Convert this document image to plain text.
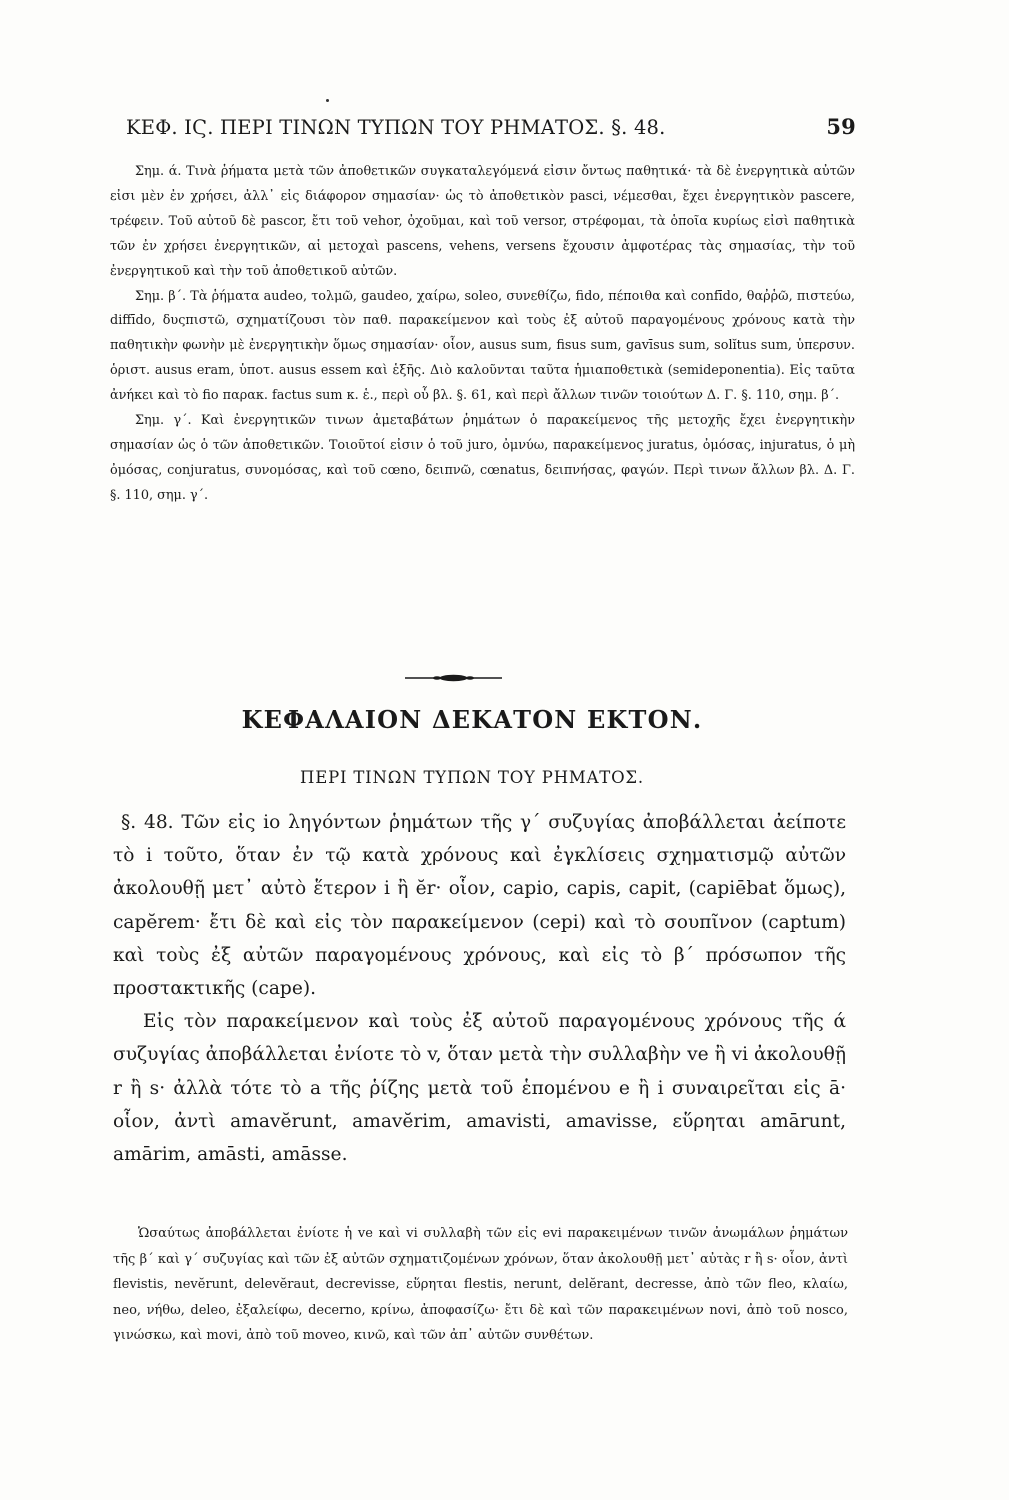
ΚΕΦ. ΙϚ. ΠΕΡΙ ΤΙΝΩΝ ΤΥΠΩΝ ΤΟΥ ΡΗΜΑΤΟΣ. §. 48.	59

Σημ. ά. Τινὰ ῥήματα μετὰ τῶν ἀποθετικῶν συγκαταλεγόμενά εἰσιν ὄντως παθητικά· τὰ δὲ ἐνεργητικὰ αὐτῶν εἰσι μὲν ἐν χρήσει, ἀλλ᾽ εἰς διάφορον σημασίαν· ὡς τὸ ἀποθετικὸν pasci, νέμεσθαι, ἔχει ἐνεργητικὸν pascere, τρέφειν. Τοῦ αὐτοῦ δὲ pascor, ἔτι τοῦ vehor, ὀχοῦμαι, καὶ τοῦ versor, στρέφομαι, τὰ ὁποῖα κυρίως εἰσὶ παθητικὰ τῶν ἐν χρήσει ἐνεργητικῶν, αἱ μετοχαὶ pascens, vehens, versens ἔχουσιν ἀμφοτέρας τὰς σημασίας, τὴν τοῦ ἐνεργητικοῦ καὶ τὴν τοῦ ἀποθετικοῦ αὐτῶν.

Σημ. β΄. Τὰ ῥήματα audeo, τολμῶ, gaudeo, χαίρω, soleo, συνεθίζω, fido, πέποιθα καὶ confīdo, θαῤῥῶ, πιστεύω, diffīdo, δυςπιστῶ, σχηματίζουσι τὸν παθ. παρακείμενον καὶ τοὺς ἐξ αὐτοῦ παραγομένους χρόνους κατὰ τὴν παθητικὴν φωνὴν μὲ ἐνεργητικὴν ὅμως σημασίαν· οἷον, ausus sum, fisus sum, gavīsus sum, solĭtus sum, ὑπερσυν. ὁριστ. ausus eram, ὑποτ. ausus essem καὶ ἑξῆς. Διὸ καλοῦνται ταῦτα ἡμιαποθετικὰ (semideponentia). Εἰς ταῦτα ἀνήκει καὶ τὸ fio παρακ. factus sum κ. ἑ., περὶ οὗ βλ. §. 61, καὶ περὶ ἄλλων τινῶν τοιούτων Δ. Γ. §. 110, σημ. β΄.

Σημ. γ΄. Καὶ ἐνεργητικῶν τινων ἀμεταβάτων ῥημάτων ὁ παρακείμενος τῆς μετοχῆς ἔχει ἐνεργητικὴν σημασίαν ὡς ὁ τῶν ἀποθετικῶν. Τοιοῦτοί εἰσιν ὁ τοῦ juro, ὀμνύω, παρακείμενος juratus, ὀμόσας, injuratus, ὁ μὴ ὀμόσας, conjuratus, συνομόσας, καὶ τοῦ cœno, δειπνῶ, cœnatus, δειπνήσας, φαγών. Περὶ τινων ἄλλων βλ. Δ. Γ. §. 110, σημ. γ΄.

ΚΕΦΑΛΑΙΟΝ ΔΕΚΑΤΟΝ ΕΚΤΟΝ.
ΠΕΡΙ ΤΙΝΩΝ ΤΥΠΩΝ ΤΟΥ ΡΗΜΑΤΟΣ.

§. 48. Τῶν εἰς io ληγόντων ῥημάτων τῆς γ΄ συζυγίας ἀποβάλλεται ἀείποτε τὸ i τοῦτο, ὅταν ἐν τῷ κατὰ χρόνους καὶ ἐγκλίσεις σχηματισμῷ αὐτῶν ἀκολουθῇ μετ᾽ αὐτὸ ἕτερον i ἢ ĕr· οἷον, capio, capis, capit, (capiēbat ὅμως), capĕrem· ἔτι δὲ καὶ εἰς τὸν παρακείμενον (cepi) καὶ τὸ σουπῖνον (captum) καὶ τοὺς ἐξ αὐτῶν παραγομένους χρόνους, καὶ εἰς τὸ β΄ πρόσωπον τῆς προστακτικῆς (cape).

Εἰς τὸν παρακείμενον καὶ τοὺς ἐξ αὐτοῦ παραγομένους χρόνους τῆς ά συζυγίας ἀποβάλλεται ἐνίοτε τὸ v, ὅταν μετὰ τὴν συλλαβὴν ve ἢ vi ἀκολουθῇ r ἢ s· ἀλλὰ τότε τὸ a τῆς ῥίζης μετὰ τοῦ ἑπομένου e ἢ i συναιρεῖται εἰς ā· οἷον, ἀντὶ amavĕrunt, amavĕrim, amavisti, amavisse, εὕρηται amārunt, amārim, amāsti, amāsse.

Ὡσαύτως ἀποβάλλεται ἐνίοτε ἡ ve καὶ vi συλλαβὴ τῶν εἰς evi παρακειμένων τινῶν ἀνωμάλων ῥημάτων τῆς β΄ καὶ γ΄ συζυγίας καὶ τῶν ἐξ αὐτῶν σχηματιζομένων χρόνων, ὅταν ἀκολουθῇ μετ᾽ αὐτὰς r ἢ s· οἷον, ἀντὶ flevistis, nevĕrunt, delevĕraut, decrevisse, εὕρηται flestis, nerunt, delĕrant, decresse, ἀπὸ τῶν fleo, κλαίω, neo, νήθω, deleo, ἐξαλείφω, decerno, κρίνω, ἀποφασίζω· ἔτι δὲ καὶ τῶν παρακειμένων novi, ἀπὸ τοῦ nosco, γινώσκω, καὶ movi, ἀπὸ τοῦ moveo, κινῶ, καὶ τῶν ἀπ᾽ αὐτῶν συνθέτων.
